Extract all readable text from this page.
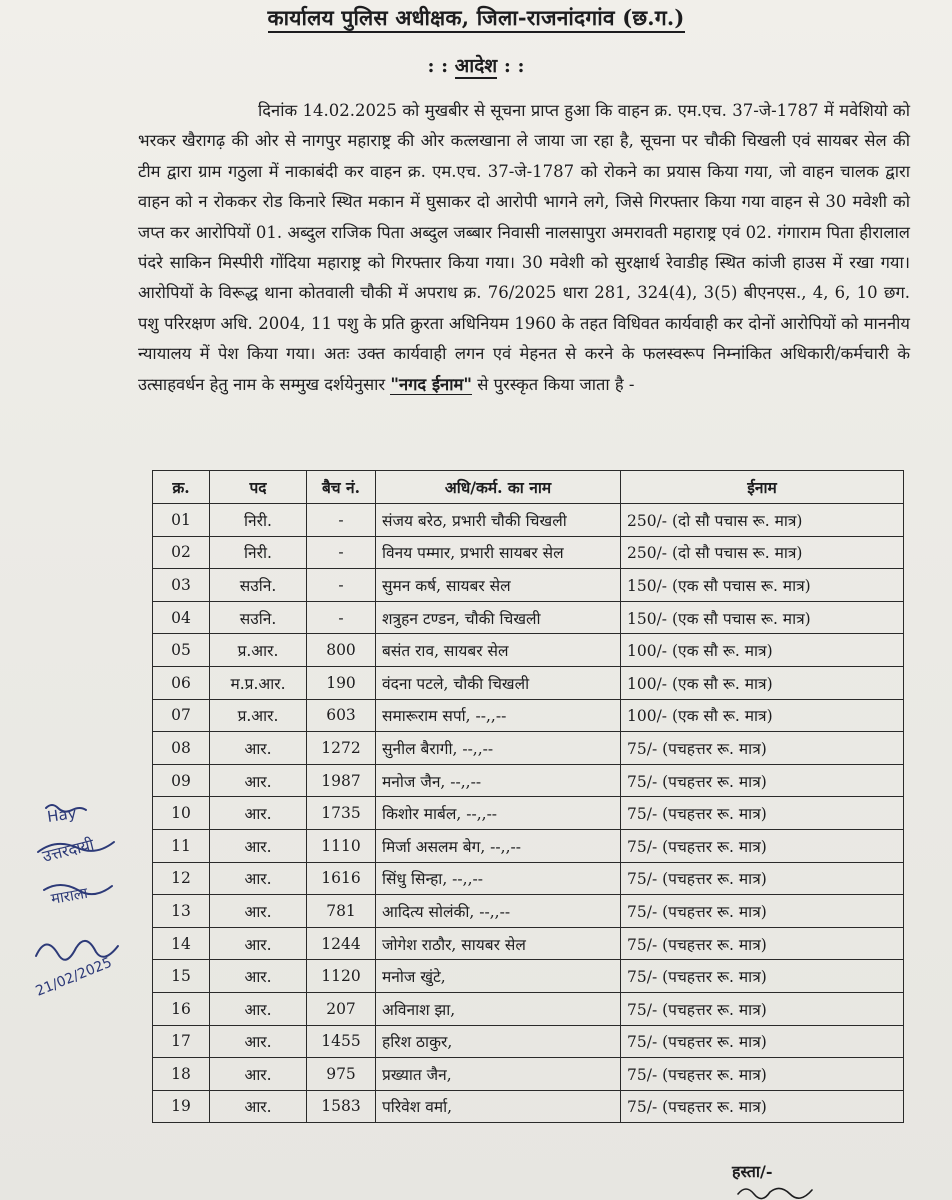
कार्यालय पुलिस अधीक्षक, जिला-राजनांदगांव (छ.ग.)
: : आदेश : :
दिनांक 14.02.2025 को मुखबीर से सूचना प्राप्त हुआ कि वाहन क्र. एम.एच. 37-जे-1787 में मवेशियो को भरकर खैरागढ़ की ओर से नागपुर महाराष्ट्र की ओर कत्लखाना ले जाया जा रहा है, सूचना पर चौकी चिखली एवं सायबर सेल की टीम द्वारा ग्राम गठुला में नाकाबंदी कर वाहन क्र. एम.एच. 37-जे-1787 को रोकने का प्रयास किया गया, जो वाहन चालक द्वारा वाहन को न रोककर रोड किनारे स्थित मकान में घुसाकर दो आरोपी भागने लगे, जिसे गिरफ्तार किया गया वाहन से 30 मवेशी को जप्त कर आरोपियों 01. अब्दुल राजिक पिता अब्दुल जब्बार निवासी नालसापुरा अमरावती महाराष्ट्र एवं 02. गंगाराम पिता हीरालाल पंदरे साकिन मिस्पीरी गोंदिया महाराष्ट्र को गिरफ्तार किया गया। 30 मवेशी को सुरक्षार्थ रेवाडीह स्थित कांजी हाउस में रखा गया। आरोपियों के विरूद्ध थाना कोतवाली चौकी में अपराध क्र. 76/2025 धारा 281, 324(4), 3(5) बीएनएस., 4, 6, 10 छग. पशु परिरक्षण अधि. 2004, 11 पशु के प्रति क्रुरता अधिनियम 1960 के तहत विधिवत कार्यवाही कर दोनों आरोपियों को माननीय न्यायालय में पेश किया गया। अतः उक्त कार्यवाही लगन एवं मेहनत से करने के फलस्वरूप निम्नांकित अधिकारी/कर्मचारी के उत्साहवर्धन हेतु नाम के सम्मुख दर्शयेनुसार "नगद ईनाम" से पुरस्कृत किया जाता है -
क्र.	पद	बैच नं.	अधि/कर्म. का नाम	ईनाम
01	निरी.	-	संजय बरेठ, प्रभारी चौकी चिखली	250/- (दो सौ पचास रू. मात्र)
02	निरी.	-	विनय पम्मार, प्रभारी सायबर सेल	250/- (दो सौ पचास रू. मात्र)
03	सउनि.	-	सुमन कर्ष, सायबर सेल	150/- (एक सौ पचास रू. मात्र)
04	सउनि.	-	शत्रुहन टण्डन, चौकी चिखली	150/- (एक सौ पचास रू. मात्र)
05	प्र.आर.	800	बसंत राव, सायबर सेल	100/- (एक सौ रू. मात्र)
06	म.प्र.आर.	190	वंदना पटले, चौकी चिखली	100/- (एक सौ रू. मात्र)
07	प्र.आर.	603	समारूराम सर्पा, --,,--	100/- (एक सौ रू. मात्र)
08	आर.	1272	सुनील बैरागी, --,,--	75/- (पचहत्तर रू. मात्र)
09	आर.	1987	मनोज जैन, --,,--	75/- (पचहत्तर रू. मात्र)
10	आर.	1735	किशोर मार्बल, --,,--	75/- (पचहत्तर रू. मात्र)
11	आर.	1110	मिर्जा असलम बेग, --,,--	75/- (पचहत्तर रू. मात्र)
12	आर.	1616	सिंधु सिन्हा, --,,--	75/- (पचहत्तर रू. मात्र)
13	आर.	781	आदित्य सोलंकी, --,,--	75/- (पचहत्तर रू. मात्र)
14	आर.	1244	जोगेश राठौर, सायबर सेल	75/- (पचहत्तर रू. मात्र)
15	आर.	1120	मनोज खुंटे,	75/- (पचहत्तर रू. मात्र)
16	आर.	207	अविनाश झा,	75/- (पचहत्तर रू. मात्र)
17	आर.	1455	हरिश ठाकुर,	75/- (पचहत्तर रू. मात्र)
18	आर.	975	प्रख्यात जैन,	75/- (पचहत्तर रू. मात्र)
19	आर.	1583	परिवेश वर्मा,	75/- (पचहत्तर रू. मात्र)
Hay
उत्तरदायी
माराला
21/02/2025
हस्ता/-
